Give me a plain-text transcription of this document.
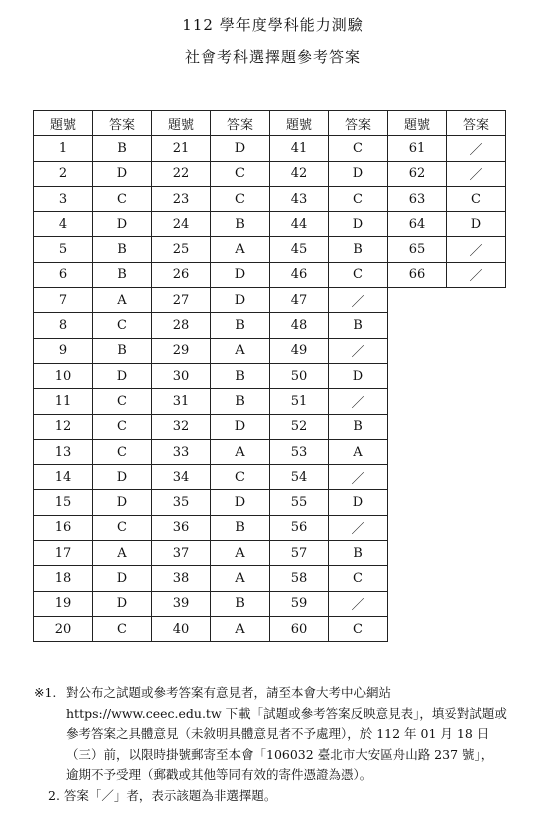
112 學年度學科能力測驗
社會考科選擇題參考答案
題號	答案	題號	答案	題號	答案	題號	答案
1	B	21	D	41	C	61	／
2	D	22	C	42	D	62	／
3	C	23	C	43	C	63	C
4	D	24	B	44	D	64	D
5	B	25	A	45	B	65	／
6	B	26	D	46	C	66	／
7	A	27	D	47	／		
8	C	28	B	48	B		
9	B	29	A	49	／		
10	D	30	B	50	D		
11	C	31	B	51	／		
12	C	32	D	52	B		
13	C	33	A	53	A		
14	D	34	C	54	／		
15	D	35	D	55	D		
16	C	36	B	56	／		
17	A	37	A	57	B		
18	D	38	A	58	C		
19	D	39	B	59	／		
20	C	40	A	60	C		
※1. 對公布之試題或參考答案有意見者，請至本會大考中心網站
https://www.ceec.edu.tw 下載「試題或參考答案反映意見表」，填妥對試題或
參考答案之具體意見（未敘明具體意見者不予處理），於 112 年 01 月 18 日
（三）前，以限時掛號郵寄至本會「106032 臺北市大安區舟山路 237 號」，
逾期不予受理（郵戳或其他等同有效的寄件憑證為憑）。
2. 答案「／」者，表示該題為非選擇題。
